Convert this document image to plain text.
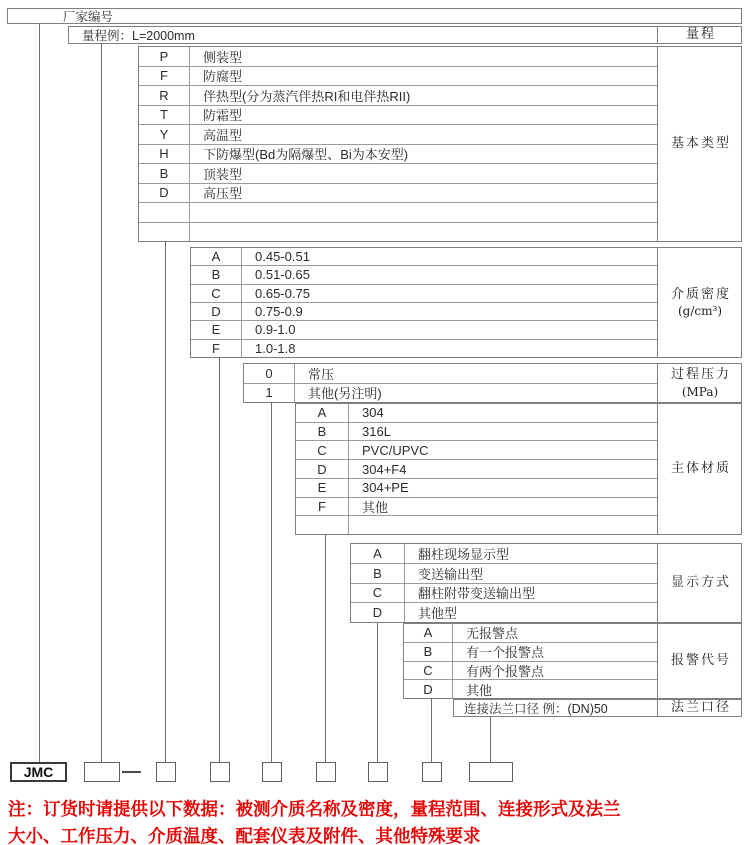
厂家编号
量程例：L=2000mm	量程
P	侧装型
F	防腐型
R	伴热型(分为蒸汽伴热RI和电伴热RII)
T	防霜型
Y	高温型
H	下防爆型(Bd为隔爆型、Bi为本安型)
B	顶装型
D	高压型
基本类型
A	0.45-0.51
B	0.51-0.65
C	0.65-0.75
D	0.75-0.9
E	0.9-1.0
F	1.0-1.8
介质密度
(g/cm³)
0	常压
1	其他(另注明)
过程压力
(MPa)
A	304
B	316L
C	PVC/UPVC
D	304+F4
E	304+PE
F	其他
主体材质
A	翻柱现场显示型
B	变送输出型
C	翻柱附带变送输出型
D	其他型
显示方式
A	无报警点
B	有一个报警点
C	有两个报警点
D	其他
报警代号
连接法兰口径 例：(DN)50	法兰口径
JMC
注：订货时请提供以下数据：被测介质名称及密度，量程范围、连接形式及法兰
大小、工作压力、介质温度、配套仪表及附件、其他特殊要求
